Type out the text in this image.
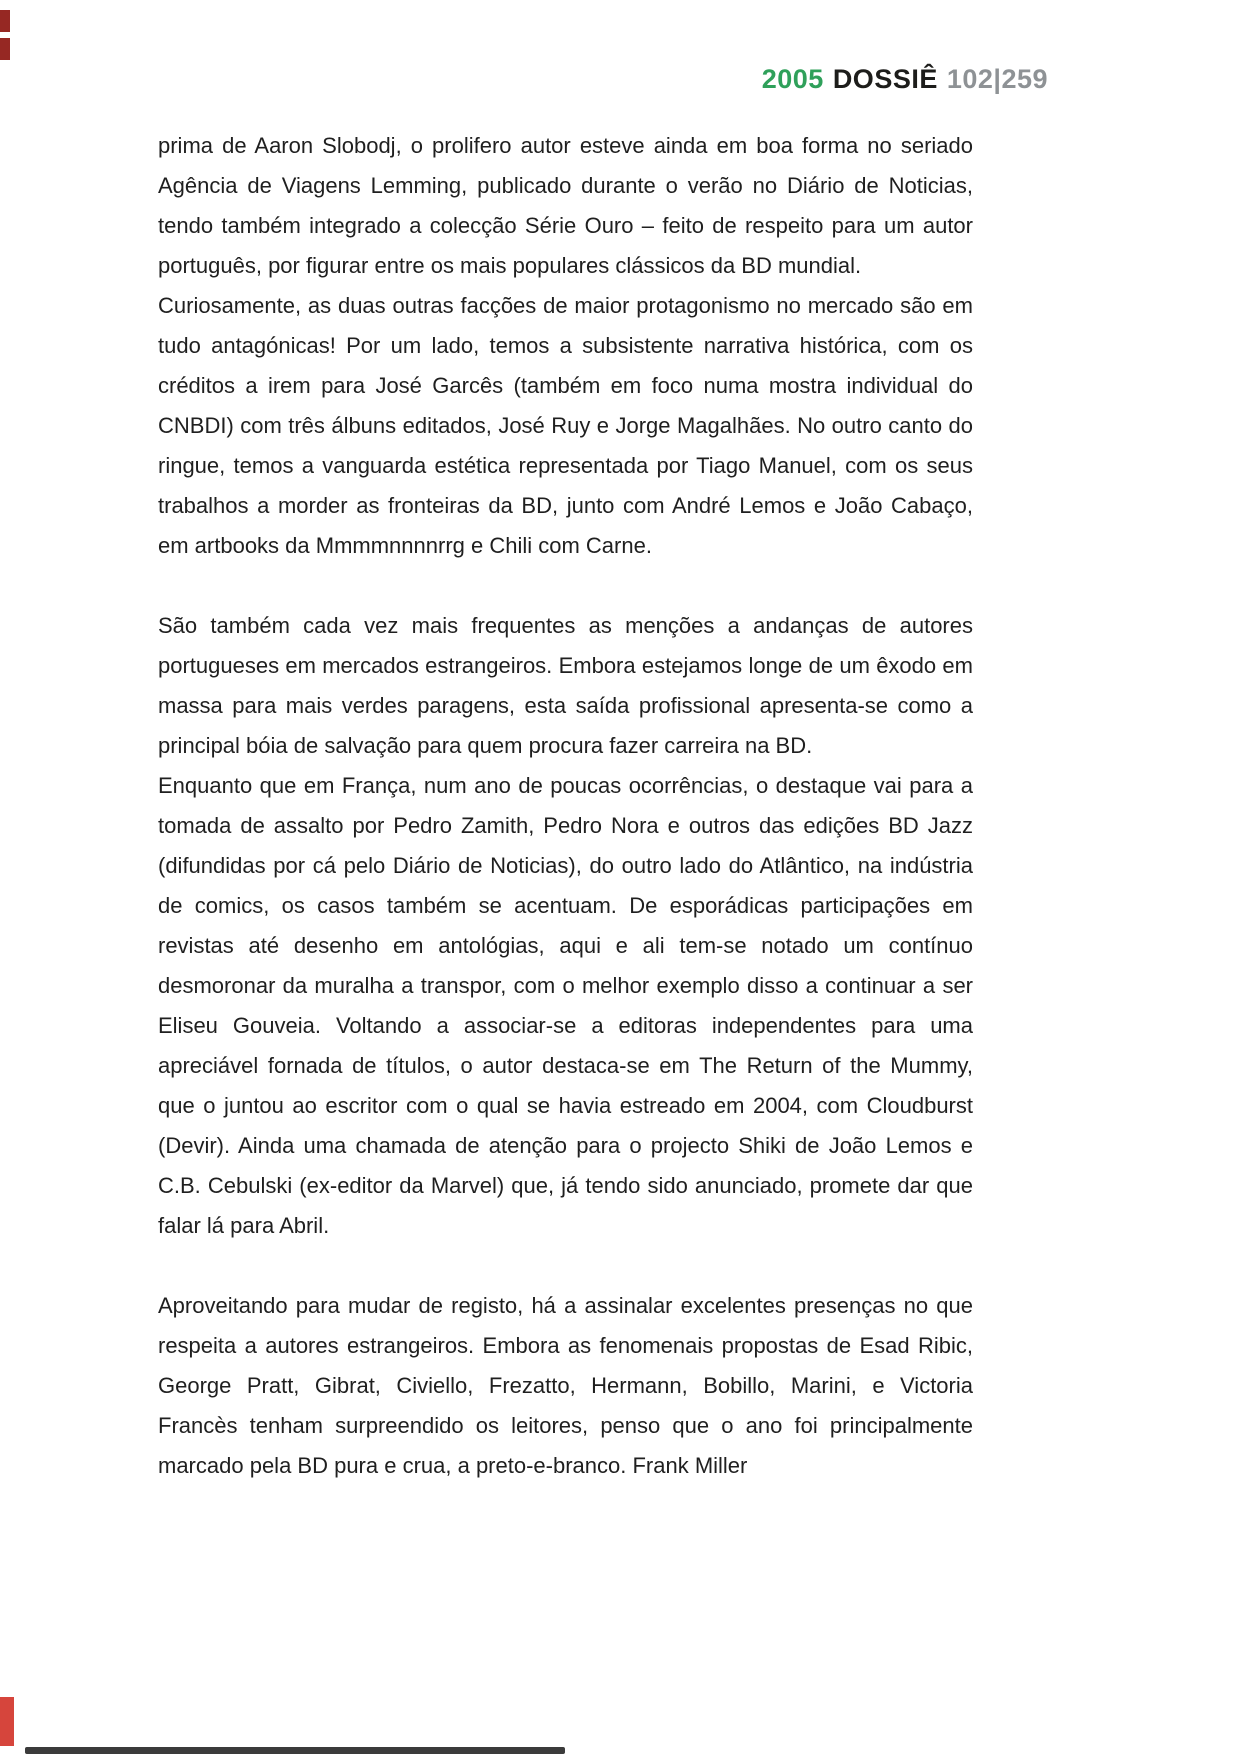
2005 DOSSIÊ 102|259

prima de Aaron Slobodj, o prolifero autor esteve ainda em boa forma no seriado Agência de Viagens Lemming, publicado durante o verão no Diário de Noticias, tendo também integrado a colecção Série Ouro – feito de respeito para um autor português, por figurar entre os mais populares clássicos da BD mundial.

Curiosamente, as duas outras facções de maior protagonismo no mercado são em tudo antagónicas! Por um lado, temos a subsistente narrativa histórica, com os créditos a irem para José Garcês (também em foco numa mostra individual do CNBDI) com três álbuns editados, José Ruy e Jorge Magalhães. No outro canto do ringue, temos a vanguarda estética representada por Tiago Manuel, com os seus trabalhos a morder as fronteiras da BD, junto com André Lemos e João Cabaço, em artbooks da Mmmmnnnnrrg e Chili com Carne.

São também cada vez mais frequentes as menções a andanças de autores portugueses em mercados estrangeiros. Embora estejamos longe de um êxodo em massa para mais verdes paragens, esta saída profissional apresenta-se como a principal bóia de salvação para quem procura fazer carreira na BD.

Enquanto que em França, num ano de poucas ocorrências, o destaque vai para a tomada de assalto por Pedro Zamith, Pedro Nora e outros das edições BD Jazz (difundidas por cá pelo Diário de Noticias), do outro lado do Atlântico, na indústria de comics, os casos também se acentuam. De esporádicas participações em revistas até desenho em antológias, aqui e ali tem-se notado um contínuo desmoronar da muralha a transpor, com o melhor exemplo disso a continuar a ser Eliseu Gouveia. Voltando a associar-se a editoras independentes para uma apreciável fornada de títulos, o autor destaca-se em The Return of the Mummy, que o juntou ao escritor com o qual se havia estreado em 2004, com Cloudburst (Devir). Ainda uma chamada de atenção para o projecto Shiki de João Lemos e C.B. Cebulski (ex-editor da Marvel) que, já tendo sido anunciado, promete dar que falar lá para Abril.

Aproveitando para mudar de registo, há a assinalar excelentes presenças no que respeita a autores estrangeiros. Embora as fenomenais propostas de Esad Ribic, George Pratt, Gibrat, Civiello, Frezatto, Hermann, Bobillo, Marini, e Victoria Francès tenham surpreendido os leitores, penso que o ano foi principalmente marcado pela BD pura e crua, a preto-e-branco. Frank Miller
